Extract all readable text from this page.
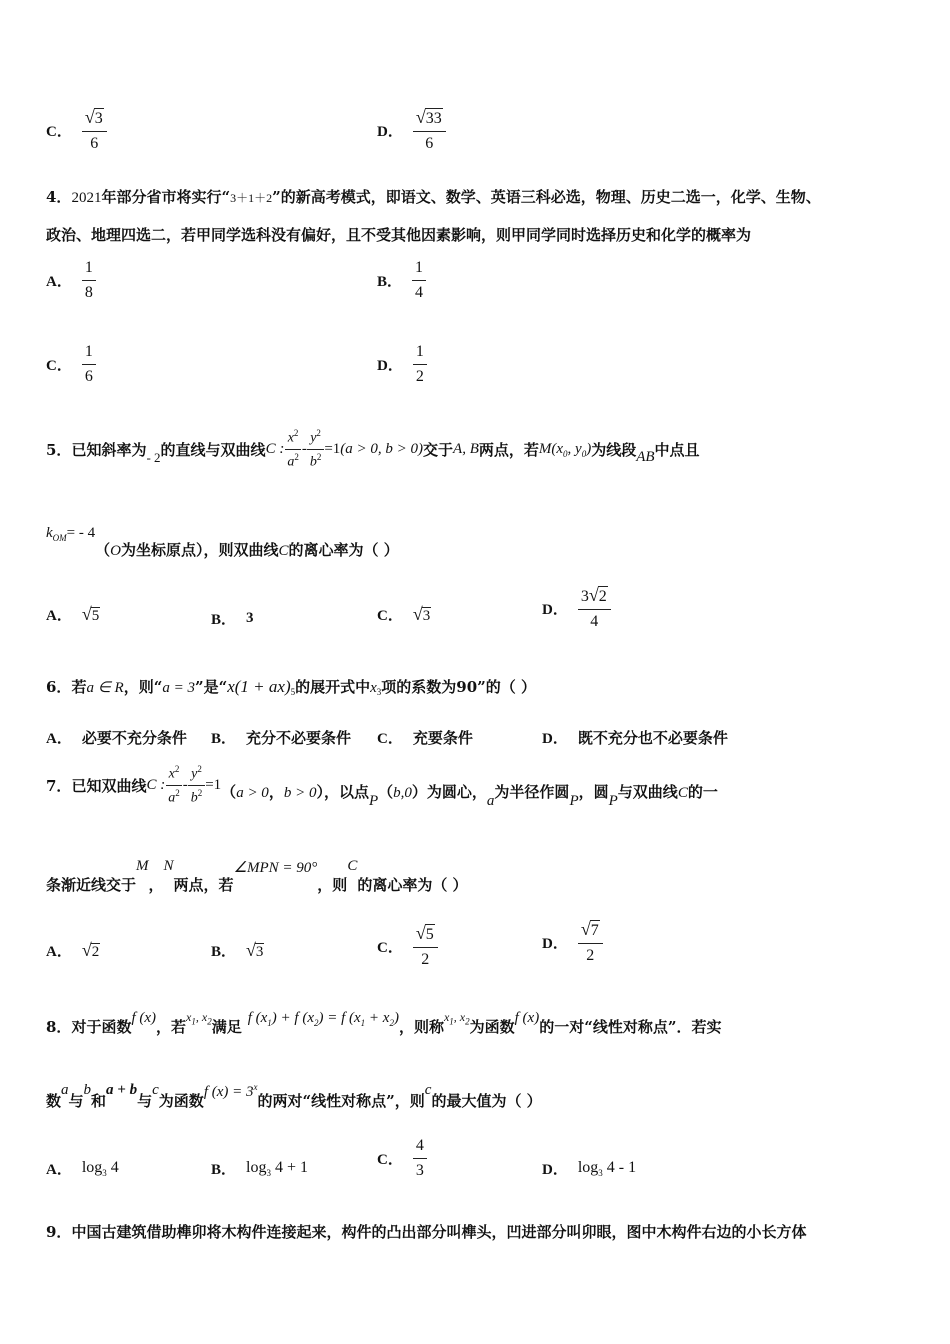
C． $\frac{√ 3}{6}$	D． $\frac{√ 33}{6}$
4．2021年部分省市将实行“3＋1＋2”的新高考模式，即语文、数学、英语三科必选，物理、历史二选一，化学、生物、
政治、地理四选二，若甲同学选科没有偏好，且不受其他因素影响，则甲同学同时选择历史和化学的概率为
A． $\frac{1}{8}$	B． $\frac{1}{4}$
C． $\frac{1}{6}$	D． $\frac{1}{2}$
5． 已知斜率为 - 2 的直线与双曲线 C : $\frac{x^2}{a^2} - \frac{y^2}{b^2} =1$ (a > 0, b > 0) 交于 A, B 两点，若 M ($x_0$, $y_0$) 为线段 AB 中点且
$k_{OM}$ = - 4
（O为坐标原点），则双曲线C的离心率为（ ）
A． √ 5	B． 3	C． √ 3	D． $\frac{3 √ 2}{4}$
6． 若 a ∈ R ，则“ a = 3 ”是“ $x(1 + ax)_5$ 的展开式中 $x_3$ 项的系数为90”的（ ）
A． 必要不充分条件 B． 充分不必要条件 C． 充要条件	D． 既不充分也不必要条件
7． 已知双曲线 C : $\frac{x^2}{a^2} - \frac{y^2}{b^2} =1$ （a > 0，b > 0），以点P（b,0）为圆心，a为半径作圆P，圆P与双曲线C的一
条渐近线交于
M
，
N
两点，若
∠MPN = 90°
，则
C
的离心率为（ ）
A． √ 2	B． √ 3	C． $\frac{√ 5}{2}$	D． $\frac{√ 7}{2}$
8．对于函数 f (x) ，若
$x_1$, $x_2$ 满足 f $(x_1) + f$ $(x_2) = f$ $(x_1 + x_2)$ ，则称
$x_1$, $x_2$ 为函数 f (x) 的一对“线性对称点”．若实
数
a
与
b
和
a + b
与
c
为函数 f $(x) = 3^x$
的两对“线性对称点”，则
c
的最大值为（ ）
A． $\log_3 4$	B． $\log_3 4 + 1$	C． $\frac{4}{3}$	D． $\log_3 4 - 1$
9．中国古建筑借助榫卯将木构件连接起来，构件的凸出部分叫榫头，凹进部分叫卯眼，图中木构件右边的小长方体
